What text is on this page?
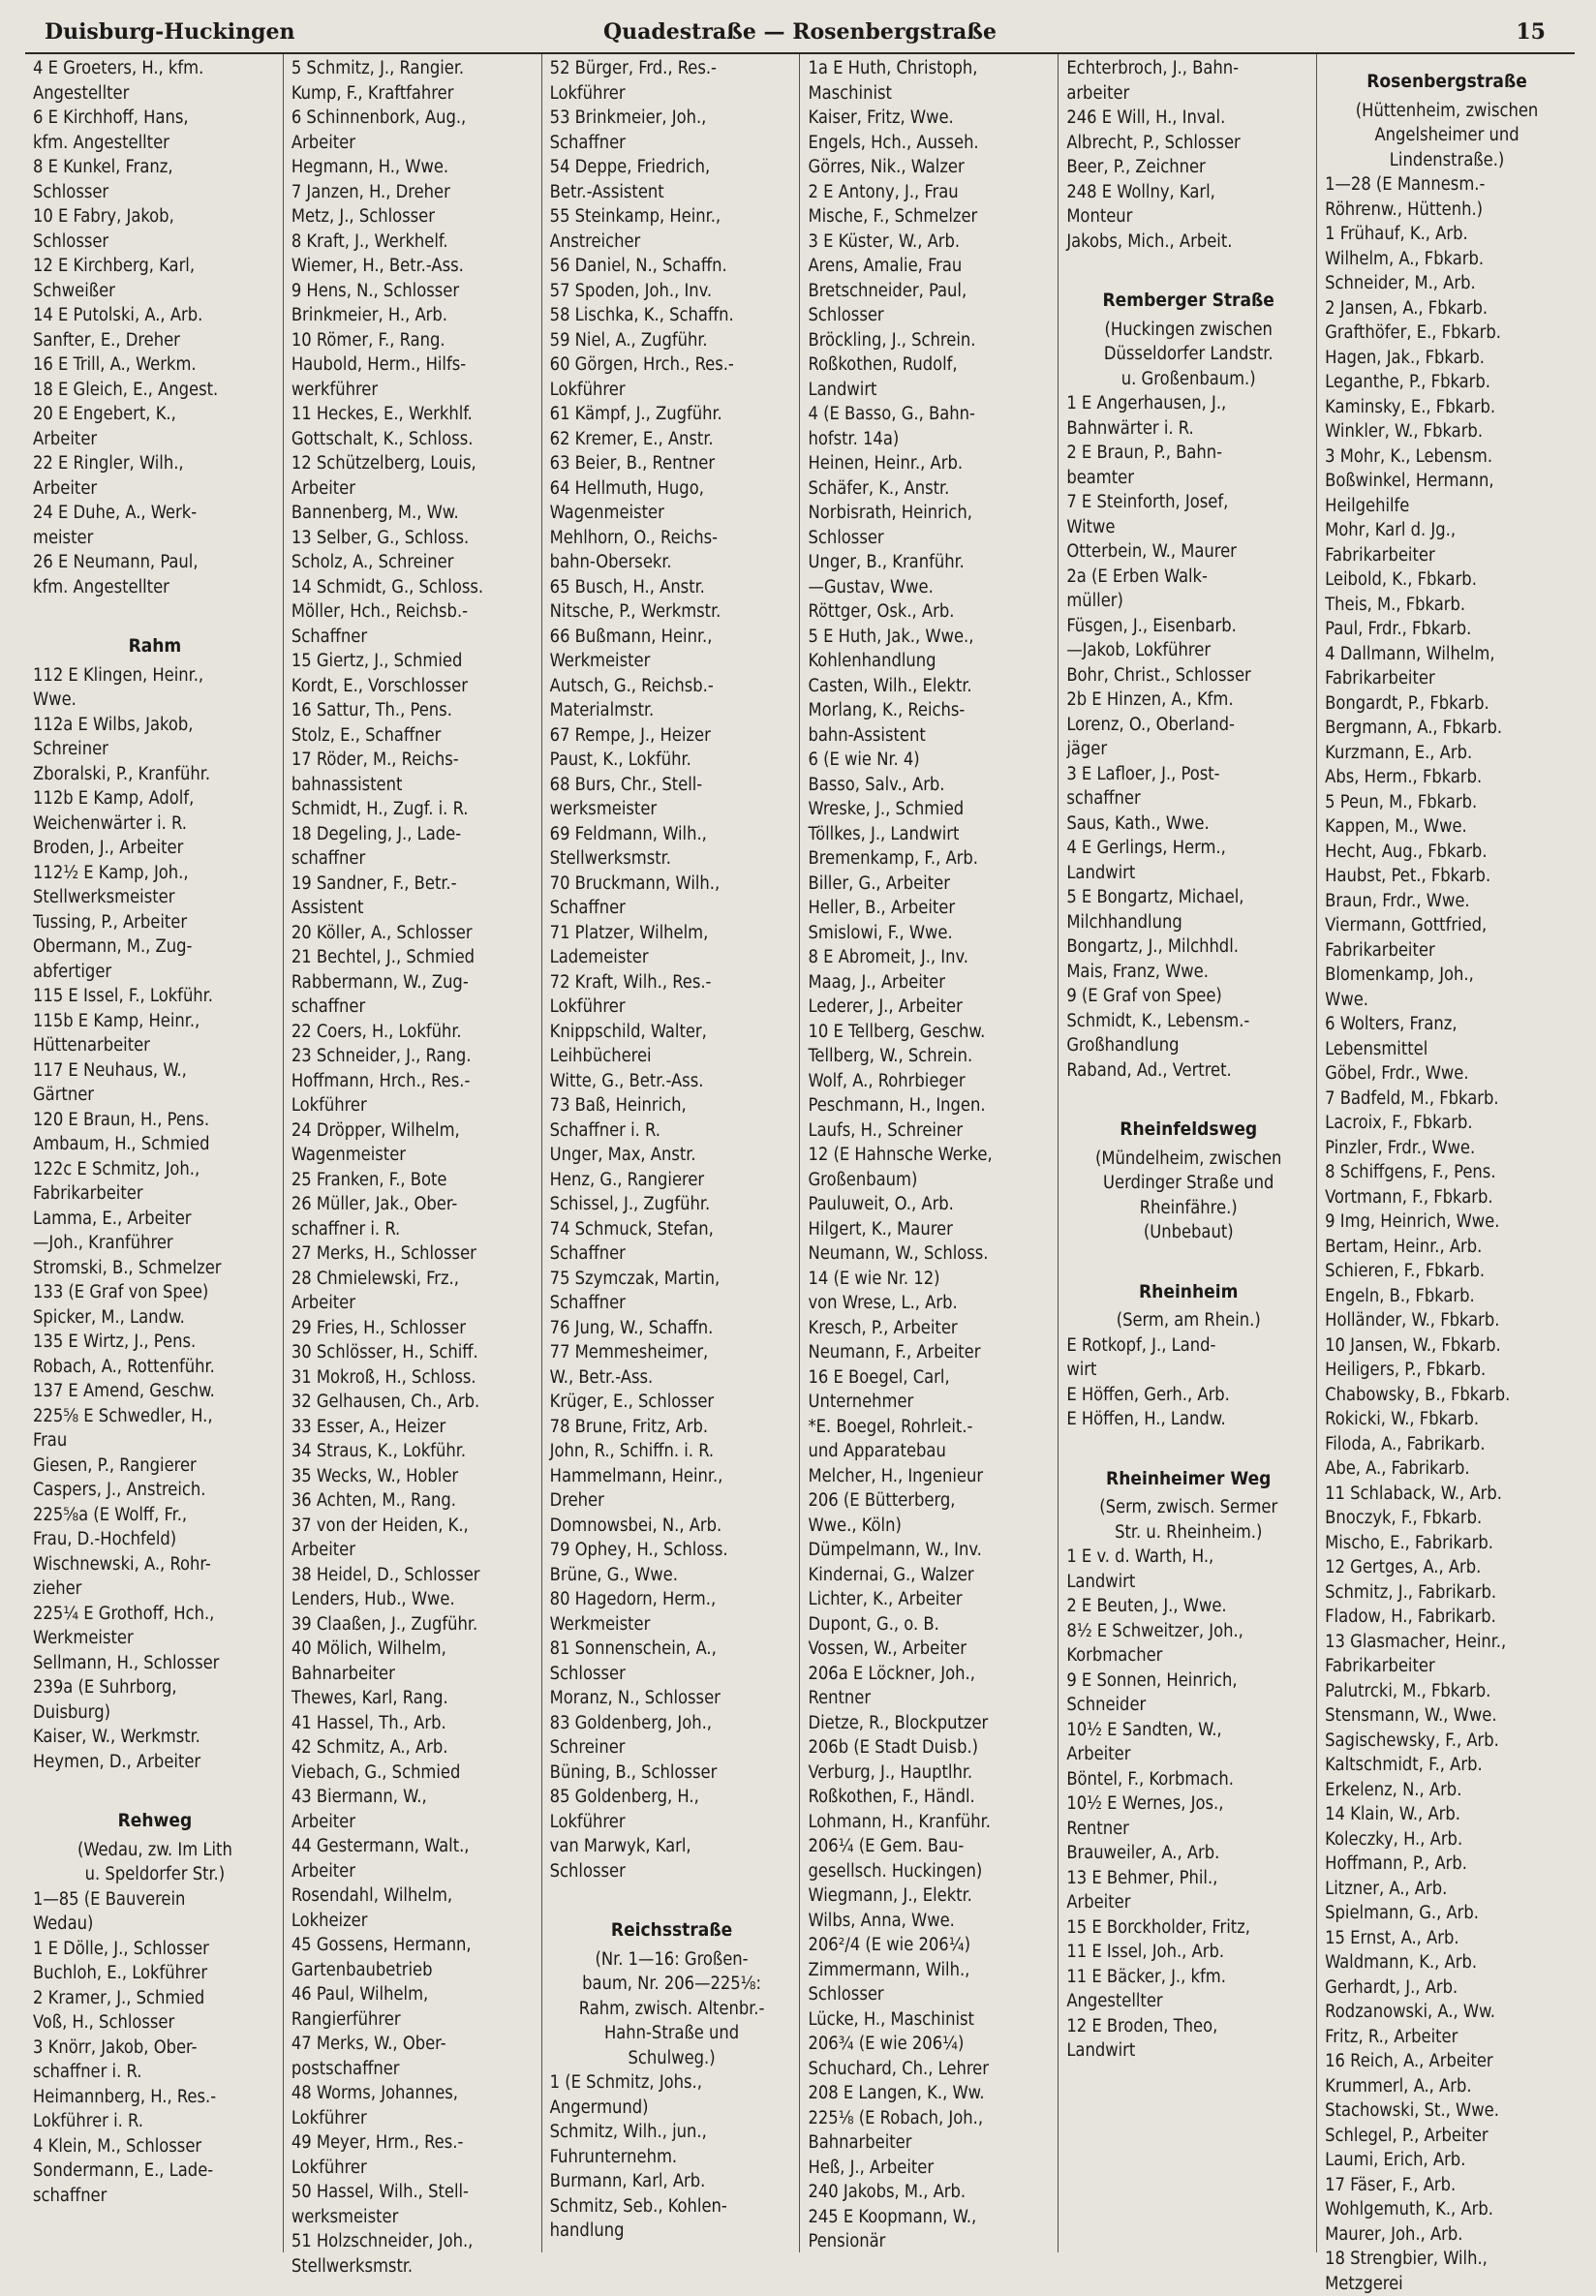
Duisburg-Huckingen	Quadestraße — Rosenbergstraße	15
4 E Groeters, H., kfm.
Angestellter
6 E Kirchhoff, Hans,
kfm. Angestellter
8 E Kunkel, Franz,
Schlosser
10 E Fabry, Jakob,
Schlosser
12 E Kirchberg, Karl,
Schweißer
14 E Putolski, A., Arb.
Sanfter, E., Dreher
16 E Trill, A., Werkm.
18 E Gleich, E., Angest.
20 E Engebert, K.,
Arbeiter
22 E Ringler, Wilh.,
Arbeiter
24 E Duhe, A., Werk-
meister
26 E Neumann, Paul,
kfm. Angestellter
Rahm
112 E Klingen, Heinr.,
Wwe.
112a E Wilbs, Jakob,
Schreiner
Zboralski, P., Kranführ.
112b E Kamp, Adolf,
Weichenwärter i. R.
Broden, J., Arbeiter
112½ E Kamp, Joh.,
Stellwerksmeister
Tussing, P., Arbeiter
Obermann, M., Zug-
abfertiger
115 E Issel, F., Lokführ.
115b E Kamp, Heinr.,
Hüttenarbeiter
117 E Neuhaus, W.,
Gärtner
120 E Braun, H., Pens.
Ambaum, H., Schmied
122c E Schmitz, Joh.,
Fabrikarbeiter
Lamma, E., Arbeiter
—Joh., Kranführer
Stromski, B., Schmelzer
133 (E Graf von Spee)
Spicker, M., Landw.
135 E Wirtz, J., Pens.
Robach, A., Rottenführ.
137 E Amend, Geschw.
225⅝ E Schwedler, H.,
Frau
Giesen, P., Rangierer
Caspers, J., Anstreich.
225⅝a (E Wolff, Fr.,
Frau, D.-Hochfeld)
Wischnewski, A., Rohr-
zieher
225¼ E Grothoff, Hch.,
Werkmeister
Sellmann, H., Schlosser
239a (E Suhrborg,
Duisburg)
Kaiser, W., Werkmstr.
Heymen, D., Arbeiter
Rehweg
(Wedau, zw. Im Lith
u. Speldorfer Str.)
1—85 (E Bauverein
Wedau)
1 E Dölle, J., Schlosser
Buchloh, E., Lokführer
2 Kramer, J., Schmied
Voß, H., Schlosser
3 Knörr, Jakob, Ober-
schaffner i. R.
Heimannberg, H., Res.-
Lokführer i. R.
4 Klein, M., Schlosser
Sondermann, E., Lade-
schaffner
5 Schmitz, J., Rangier.
Kump, F., Kraftfahrer
6 Schinnenbork, Aug.,
Arbeiter
Hegmann, H., Wwe.
7 Janzen, H., Dreher
Metz, J., Schlosser
8 Kraft, J., Werkhelf.
Wiemer, H., Betr.-Ass.
9 Hens, N., Schlosser
Brinkmeier, H., Arb.
10 Römer, F., Rang.
Haubold, Herm., Hilfs-
werkführer
11 Heckes, E., Werkhlf.
Gottschalt, K., Schloss.
12 Schützelberg, Louis,
Arbeiter
Bannenberg, M., Ww.
13 Selber, G., Schloss.
Scholz, A., Schreiner
14 Schmidt, G., Schloss.
Möller, Hch., Reichsb.-
Schaffner
15 Giertz, J., Schmied
Kordt, E., Vorschlosser
16 Sattur, Th., Pens.
Stolz, E., Schaffner
17 Röder, M., Reichs-
bahnassistent
Schmidt, H., Zugf. i. R.
18 Degeling, J., Lade-
schaffner
19 Sandner, F., Betr.-
Assistent
20 Köller, A., Schlosser
21 Bechtel, J., Schmied
Rabbermann, W., Zug-
schaffner
22 Coers, H., Lokführ.
23 Schneider, J., Rang.
Hoffmann, Hrch., Res.-
Lokführer
24 Dröpper, Wilhelm,
Wagenmeister
25 Franken, F., Bote
26 Müller, Jak., Ober-
schaffner i. R.
27 Merks, H., Schlosser
28 Chmielewski, Frz.,
Arbeiter
29 Fries, H., Schlosser
30 Schlösser, H., Schiff.
31 Mokroß, H., Schloss.
32 Gelhausen, Ch., Arb.
33 Esser, A., Heizer
34 Straus, K., Lokführ.
35 Wecks, W., Hobler
36 Achten, M., Rang.
37 von der Heiden, K.,
Arbeiter
38 Heidel, D., Schlosser
Lenders, Hub., Wwe.
39 Claaßen, J., Zugführ.
40 Mölich, Wilhelm,
Bahnarbeiter
Thewes, Karl, Rang.
41 Hassel, Th., Arb.
42 Schmitz, A., Arb.
Viebach, G., Schmied
43 Biermann, W.,
Arbeiter
44 Gestermann, Walt.,
Arbeiter
Rosendahl, Wilhelm,
Lokheizer
45 Gossens, Hermann,
Gartenbaubetrieb
46 Paul, Wilhelm,
Rangierführer
47 Merks, W., Ober-
postschaffner
48 Worms, Johannes,
Lokführer
49 Meyer, Hrm., Res.-
Lokführer
50 Hassel, Wilh., Stell-
werksmeister
51 Holzschneider, Joh.,
Stellwerksmstr.
52 Bürger, Frd., Res.-
Lokführer
53 Brinkmeier, Joh.,
Schaffner
54 Deppe, Friedrich,
Betr.-Assistent
55 Steinkamp, Heinr.,
Anstreicher
56 Daniel, N., Schaffn.
57 Spoden, Joh., Inv.
58 Lischka, K., Schaffn.
59 Niel, A., Zugführ.
60 Görgen, Hrch., Res.-
Lokführer
61 Kämpf, J., Zugführ.
62 Kremer, E., Anstr.
63 Beier, B., Rentner
64 Hellmuth, Hugo,
Wagenmeister
Mehlhorn, O., Reichs-
bahn-Obersekr.
65 Busch, H., Anstr.
Nitsche, P., Werkmstr.
66 Bußmann, Heinr.,
Werkmeister
Autsch, G., Reichsb.-
Materialmstr.
67 Rempe, J., Heizer
Paust, K., Lokführ.
68 Burs, Chr., Stell-
werksmeister
69 Feldmann, Wilh.,
Stellwerksmstr.
70 Bruckmann, Wilh.,
Schaffner
71 Platzer, Wilhelm,
Lademeister
72 Kraft, Wilh., Res.-
Lokführer
Knippschild, Walter,
Leihbücherei
Witte, G., Betr.-Ass.
73 Baß, Heinrich,
Schaffner i. R.
Unger, Max, Anstr.
Henz, G., Rangierer
Schissel, J., Zugführ.
74 Schmuck, Stefan,
Schaffner
75 Szymczak, Martin,
Schaffner
76 Jung, W., Schaffn.
77 Memmesheimer,
W., Betr.-Ass.
Krüger, E., Schlosser
78 Brune, Fritz, Arb.
John, R., Schiffn. i. R.
Hammelmann, Heinr.,
Dreher
Domnowsbei, N., Arb.
79 Ophey, H., Schloss.
Brüne, G., Wwe.
80 Hagedorn, Herm.,
Werkmeister
81 Sonnenschein, A.,
Schlosser
Moranz, N., Schlosser
83 Goldenberg, Joh.,
Schreiner
Büning, B., Schlosser
85 Goldenberg, H.,
Lokführer
van Marwyk, Karl,
Schlosser
Reichsstraße
(Nr. 1—16: Großen-
baum, Nr. 206—225⅛:
Rahm, zwisch. Altenbr.-
Hahn-Straße und
Schulweg.)
1 (E Schmitz, Johs.,
Angermund)
Schmitz, Wilh., jun.,
Fuhrunternehm.
Burmann, Karl, Arb.
Schmitz, Seb., Kohlen-
handlung
1a E Huth, Christoph,
Maschinist
Kaiser, Fritz, Wwe.
Engels, Hch., Ausseh.
Görres, Nik., Walzer
2 E Antony, J., Frau
Mische, F., Schmelzer
3 E Küster, W., Arb.
Arens, Amalie, Frau
Bretschneider, Paul,
Schlosser
Bröckling, J., Schrein.
Roßkothen, Rudolf,
Landwirt
4 (E Basso, G., Bahn-
hofstr. 14a)
Heinen, Heinr., Arb.
Schäfer, K., Anstr.
Norbisrath, Heinrich,
Schlosser
Unger, B., Kranführ.
—Gustav, Wwe.
Röttger, Osk., Arb.
5 E Huth, Jak., Wwe.,
Kohlenhandlung
Casten, Wilh., Elektr.
Morlang, K., Reichs-
bahn-Assistent
6 (E wie Nr. 4)
Basso, Salv., Arb.
Wreske, J., Schmied
Töllkes, J., Landwirt
Bremenkamp, F., Arb.
Biller, G., Arbeiter
Heller, B., Arbeiter
Smislowi, F., Wwe.
8 E Abromeit, J., Inv.
Maag, J., Arbeiter
Lederer, J., Arbeiter
10 E Tellberg, Geschw.
Tellberg, W., Schrein.
Wolf, A., Rohrbieger
Peschmann, H., Ingen.
Laufs, H., Schreiner
12 (E Hahnsche Werke,
Großenbaum)
Pauluweit, O., Arb.
Hilgert, K., Maurer
Neumann, W., Schloss.
14 (E wie Nr. 12)
von Wrese, L., Arb.
Kresch, P., Arbeiter
Neumann, F., Arbeiter
16 E Boegel, Carl,
Unternehmer
*E. Boegel, Rohrleit.-
und Apparatebau
Melcher, H., Ingenieur
206 (E Bütterberg,
Wwe., Köln)
Dümpelmann, W., Inv.
Kindernai, G., Walzer
Lichter, K., Arbeiter
Dupont, G., o. B.
Vossen, W., Arbeiter
206a E Löckner, Joh.,
Rentner
Dietze, R., Blockputzer
206b (E Stadt Duisb.)
Verburg, J., Hauptlhr.
Roßkothen, F., Händl.
Lohmann, H., Kranführ.
206¼ (E Gem. Bau-
gesellsch. Huckingen)
Wiegmann, J., Elektr.
Wilbs, Anna, Wwe.
206²/4 (E wie 206¼)
Zimmermann, Wilh.,
Schlosser
Lücke, H., Maschinist
206¾ (E wie 206¼)
Schuchard, Ch., Lehrer
208 E Langen, K., Ww.
225⅛ (E Robach, Joh.,
Bahnarbeiter
Heß, J., Arbeiter
240 Jakobs, M., Arb.
245 E Koopmann, W.,
Pensionär
Echterbroch, J., Bahn-
arbeiter
246 E Will, H., Inval.
Albrecht, P., Schlosser
Beer, P., Zeichner
248 E Wollny, Karl,
Monteur
Jakobs, Mich., Arbeit.
Remberger Straße
(Huckingen zwischen
Düsseldorfer Landstr.
u. Großenbaum.)
1 E Angerhausen, J.,
Bahnwärter i. R.
2 E Braun, P., Bahn-
beamter
7 E Steinforth, Josef,
Witwe
Otterbein, W., Maurer
2a (E Erben Walk-
müller)
Füsgen, J., Eisenbarb.
—Jakob, Lokführer
Bohr, Christ., Schlosser
2b E Hinzen, A., Kfm.
Lorenz, O., Oberland-
jäger
3 E Lafloer, J., Post-
schaffner
Saus, Kath., Wwe.
4 E Gerlings, Herm.,
Landwirt
5 E Bongartz, Michael,
Milchhandlung
Bongartz, J., Milchhdl.
Mais, Franz, Wwe.
9 (E Graf von Spee)
Schmidt, K., Lebensm.-
Großhandlung
Raband, Ad., Vertret.
Rheinfeldsweg
(Mündelheim, zwischen
Uerdinger Straße und
Rheinfähre.)
(Unbebaut)
Rheinheim
(Serm, am Rhein.)
E Rotkopf, J., Land-
wirt
E Höffen, Gerh., Arb.
E Höffen, H., Landw.
Rheinheimer Weg
(Serm, zwisch. Sermer
Str. u. Rheinheim.)
1 E v. d. Warth, H.,
Landwirt
2 E Beuten, J., Wwe.
8½ E Schweitzer, Joh.,
Korbmacher
9 E Sonnen, Heinrich,
Schneider
10½ E Sandten, W.,
Arbeiter
Böntel, F., Korbmach.
10½ E Wernes, Jos.,
Rentner
Brauweiler, A., Arb.
13 E Behmer, Phil.,
Arbeiter
15 E Borckholder, Fritz,
11 E Issel, Joh., Arb.
11 E Bäcker, J., kfm.
Angestellter
12 E Broden, Theo,
Landwirt
Rosenbergstraße
(Hüttenheim, zwischen
Angelsheimer und
Lindenstraße.)
1—28 (E Mannesm.-
Röhrenw., Hüttenh.)
1 Frühauf, K., Arb.
Wilhelm, A., Fbkarb.
Schneider, M., Arb.
2 Jansen, A., Fbkarb.
Grafthöfer, E., Fbkarb.
Hagen, Jak., Fbkarb.
Leganthe, P., Fbkarb.
Kaminsky, E., Fbkarb.
Winkler, W., Fbkarb.
3 Mohr, K., Lebensm.
Boßwinkel, Hermann,
Heilgehilfe
Mohr, Karl d. Jg.,
Fabrikarbeiter
Leibold, K., Fbkarb.
Theis, M., Fbkarb.
Paul, Frdr., Fbkarb.
4 Dallmann, Wilhelm,
Fabrikarbeiter
Bongardt, P., Fbkarb.
Bergmann, A., Fbkarb.
Kurzmann, E., Arb.
Abs, Herm., Fbkarb.
5 Peun, M., Fbkarb.
Kappen, M., Wwe.
Hecht, Aug., Fbkarb.
Haubst, Pet., Fbkarb.
Braun, Frdr., Wwe.
Viermann, Gottfried,
Fabrikarbeiter
Blomenkamp, Joh.,
Wwe.
6 Wolters, Franz,
Lebensmittel
Göbel, Frdr., Wwe.
7 Badfeld, M., Fbkarb.
Lacroix, F., Fbkarb.
Pinzler, Frdr., Wwe.
8 Schiffgens, F., Pens.
Vortmann, F., Fbkarb.
9 Img, Heinrich, Wwe.
Bertam, Heinr., Arb.
Schieren, F., Fbkarb.
Engeln, B., Fbkarb.
Holländer, W., Fbkarb.
10 Jansen, W., Fbkarb.
Heiligers, P., Fbkarb.
Chabowsky, B., Fbkarb.
Rokicki, W., Fbkarb.
Filoda, A., Fabrikarb.
Abe, A., Fabrikarb.
11 Schlaback, W., Arb.
Bnoczyk, F., Fbkarb.
Mischo, E., Fabrikarb.
12 Gertges, A., Arb.
Schmitz, J., Fabrikarb.
Fladow, H., Fabrikarb.
13 Glasmacher, Heinr.,
Fabrikarbeiter
Palutrcki, M., Fbkarb.
Stensmann, W., Wwe.
Sagischewsky, F., Arb.
Kaltschmidt, F., Arb.
Erkelenz, N., Arb.
14 Klain, W., Arb.
Koleczky, H., Arb.
Hoffmann, P., Arb.
Litzner, A., Arb.
Spielmann, G., Arb.
15 Ernst, A., Arb.
Waldmann, K., Arb.
Gerhardt, J., Arb.
Rodzanowski, A., Ww.
Fritz, R., Arbeiter
16 Reich, A., Arbeiter
Krummerl, A., Arb.
Stachowski, St., Wwe.
Schlegel, P., Arbeiter
Laumi, Erich, Arb.
17 Fäser, F., Arb.
Wohlgemuth, K., Arb.
Maurer, Joh., Arb.
18 Strengbier, Wilh.,
Metzgerei
